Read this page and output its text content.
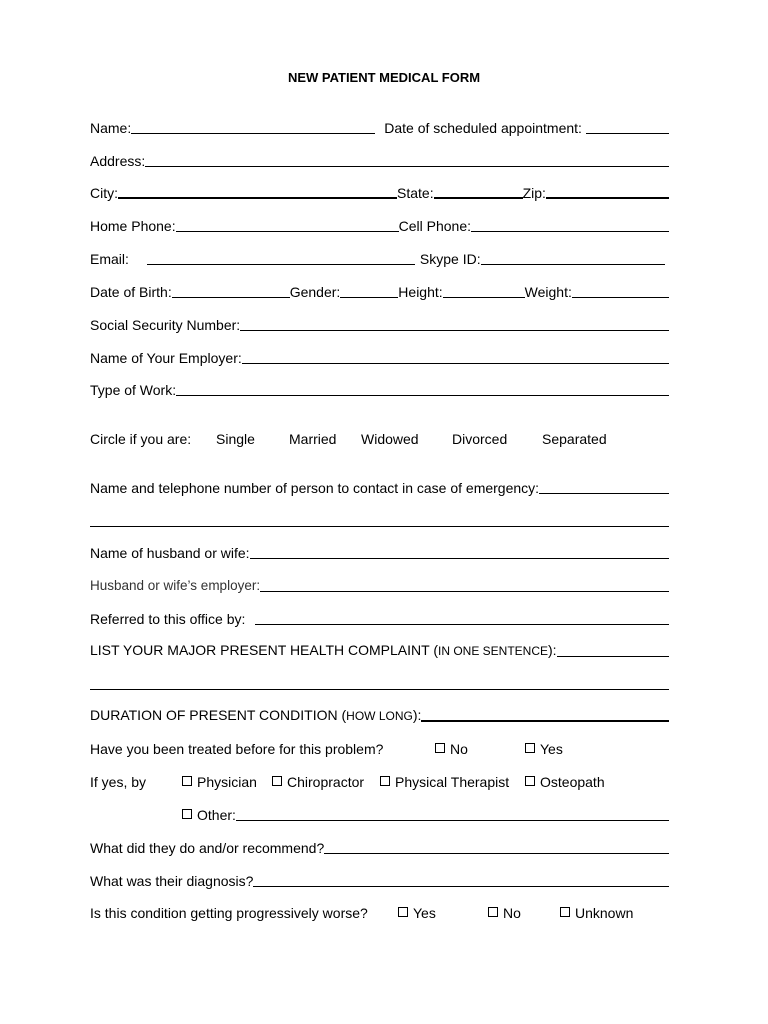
NEW PATIENT MEDICAL FORM
Name:	Date of scheduled appointment:
Address:
City:	State:	Zip:
Home Phone:	Cell Phone:
Email:	Skype ID:
Date of Birth:	Gender:	Height:	Weight:
Social Security Number:
Name of Your Employer:
Type of Work:
Circle if you are:	Single	Married	Widowed	Divorced	Separated
Name and telephone number of person to contact in case of emergency:
Name of husband or wife:
Husband or wife’s employer:
Referred to this office by:
LIST YOUR MAJOR PRESENT HEALTH COMPLAINT (IN ONE SENTENCE):
DURATION OF PRESENT CONDITION (HOW LONG):
Have you been treated before for this problem?	No	Yes
If yes, by	Physician	Chiropractor	Physical Therapist	Osteopath
Other:
What did they do and/or recommend?
What was their diagnosis?
Is this condition getting progressively worse?	Yes	No	Unknown
